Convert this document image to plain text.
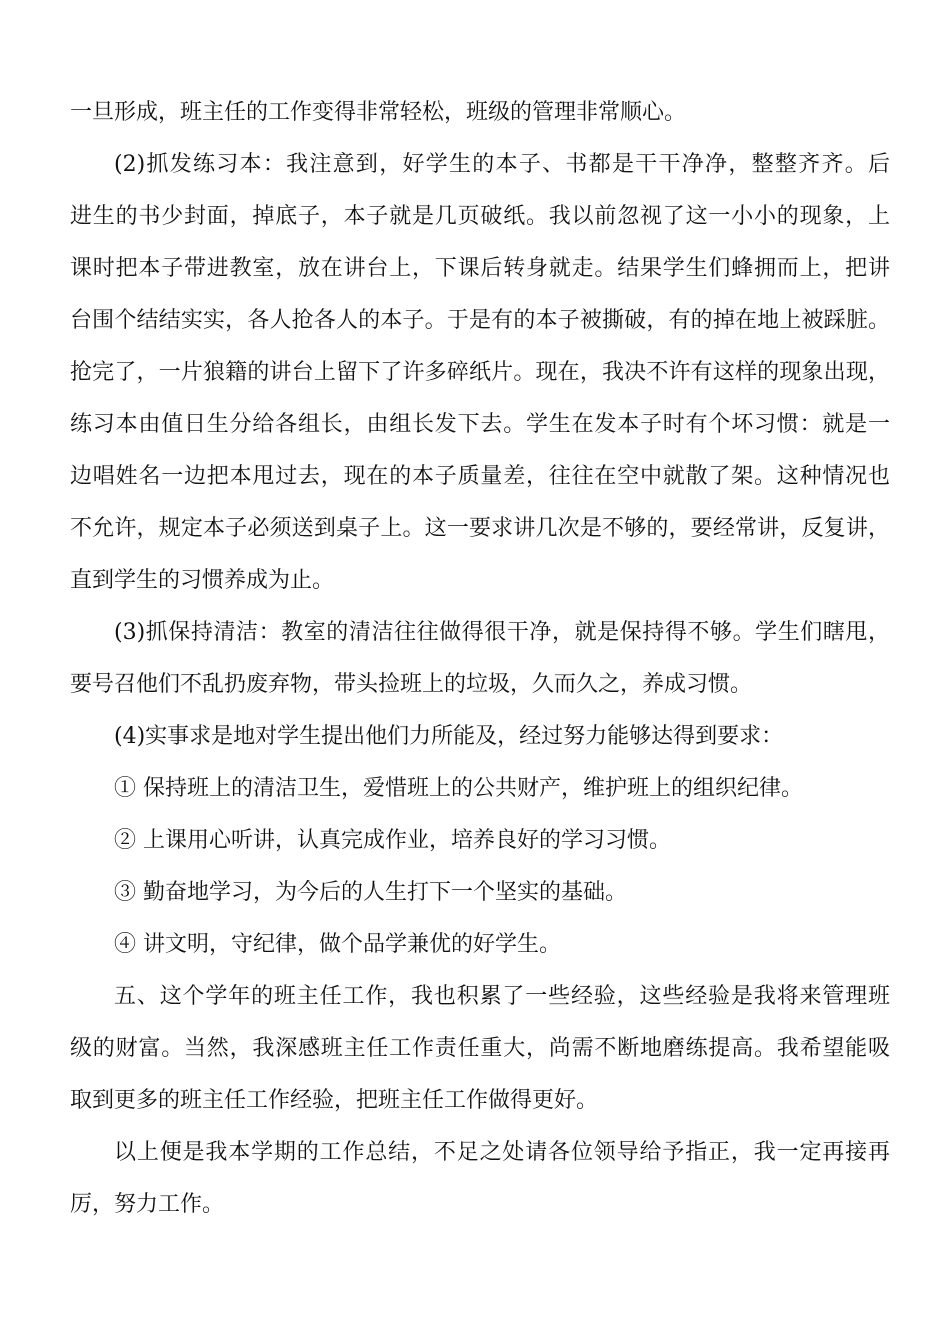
一旦形成，班主任的工作变得非常轻松，班级的管理非常顺心。
(2)抓发练习本：我注意到，好学生的本子、书都是干干净净，整整齐齐。后
进生的书少封面，掉底子，本子就是几页破纸。我以前忽视了这一小小的现象，上
课时把本子带进教室，放在讲台上，下课后转身就走。结果学生们蜂拥而上，把讲
台围个结结实实，各人抢各人的本子。于是有的本子被撕破，有的掉在地上被踩脏。
抢完了，一片狼籍的讲台上留下了许多碎纸片。现在，我决不许有这样的现象出现，
练习本由值日生分给各组长，由组长发下去。学生在发本子时有个坏习惯：就是一
边唱姓名一边把本甩过去，现在的本子质量差，往往在空中就散了架。这种情况也
不允许，规定本子必须送到桌子上。这一要求讲几次是不够的，要经常讲，反复讲，
直到学生的习惯养成为止。
(3)抓保持清洁：教室的清洁往往做得很干净，就是保持得不够。学生们瞎甩，
要号召他们不乱扔废弃物，带头捡班上的垃圾，久而久之，养成习惯。
(4)实事求是地对学生提出他们力所能及，经过努力能够达得到要求：
① 保持班上的清洁卫生，爱惜班上的公共财产，维护班上的组织纪律。
② 上课用心听讲，认真完成作业，培养良好的学习习惯。
③ 勤奋地学习，为今后的人生打下一个坚实的基础。
④ 讲文明，守纪律，做个品学兼优的好学生。
五、这个学年的班主任工作，我也积累了一些经验，这些经验是我将来管理班
级的财富。当然，我深感班主任工作责任重大，尚需不断地磨练提高。我希望能吸
取到更多的班主任工作经验，把班主任工作做得更好。
以上便是我本学期的工作总结，不足之处请各位领导给予指正，我一定再接再
厉，努力工作。
